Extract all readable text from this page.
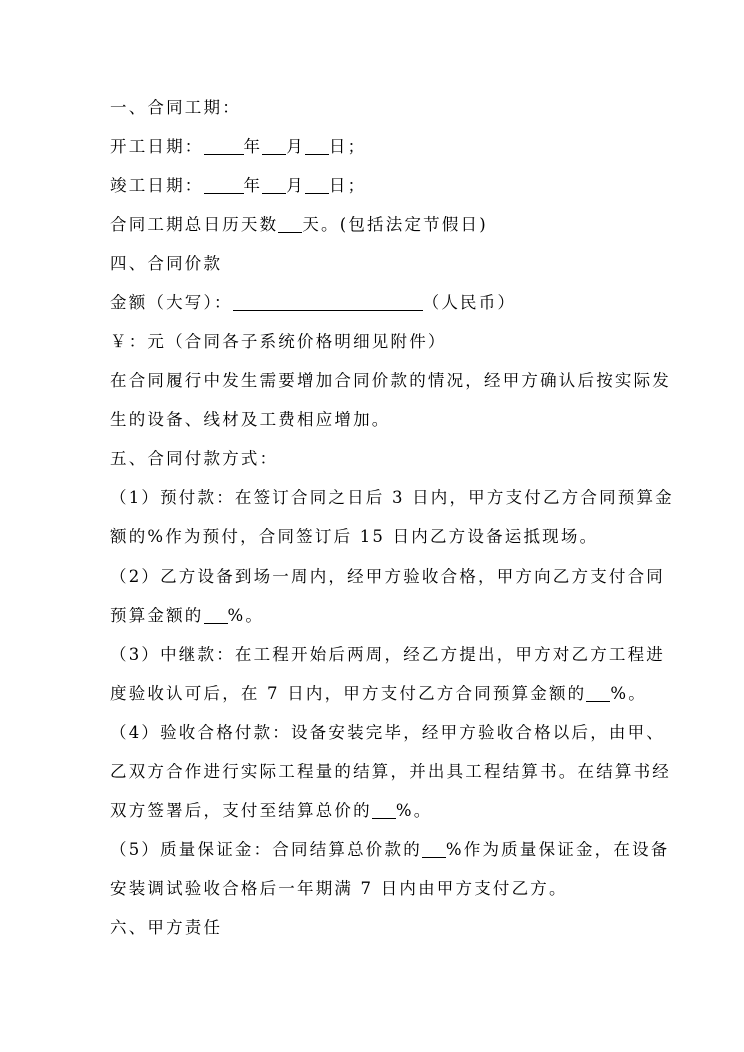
一、合同工期：
开工日期： 年 月 日；
竣工日期： 年 月 日；
合同工期总日历天数 天。(包括法定节假日)
四、合同价款
金额（大写）：	（人民币）
￥：元（合同各子系统价格明细见附件）
在合同履行中发生需要增加合同价款的情况，经甲方确认后按实际发
生的设备、线材及工费相应增加。
五、合同付款方式：
（1）预付款：在签订合同之日后 3 日内，甲方支付乙方合同预算金
额的%作为预付，合同签订后 15 日内乙方设备运抵现场。
（2）乙方设备到场一周内，经甲方验收合格，甲方向乙方支付合同
预算金额的 %。
（3）中继款：在工程开始后两周，经乙方提出，甲方对乙方工程进
度验收认可后，在 7 日内，甲方支付乙方合同预算金额的 %。
（4）验收合格付款：设备安装完毕，经甲方验收合格以后，由甲、
乙双方合作进行实际工程量的结算，并出具工程结算书。在结算书经
双方签署后，支付至结算总价的 %。
（5）质量保证金：合同结算总价款的 %作为质量保证金，在设备
安装调试验收合格后一年期满 7 日内由甲方支付乙方。
六、甲方责任
